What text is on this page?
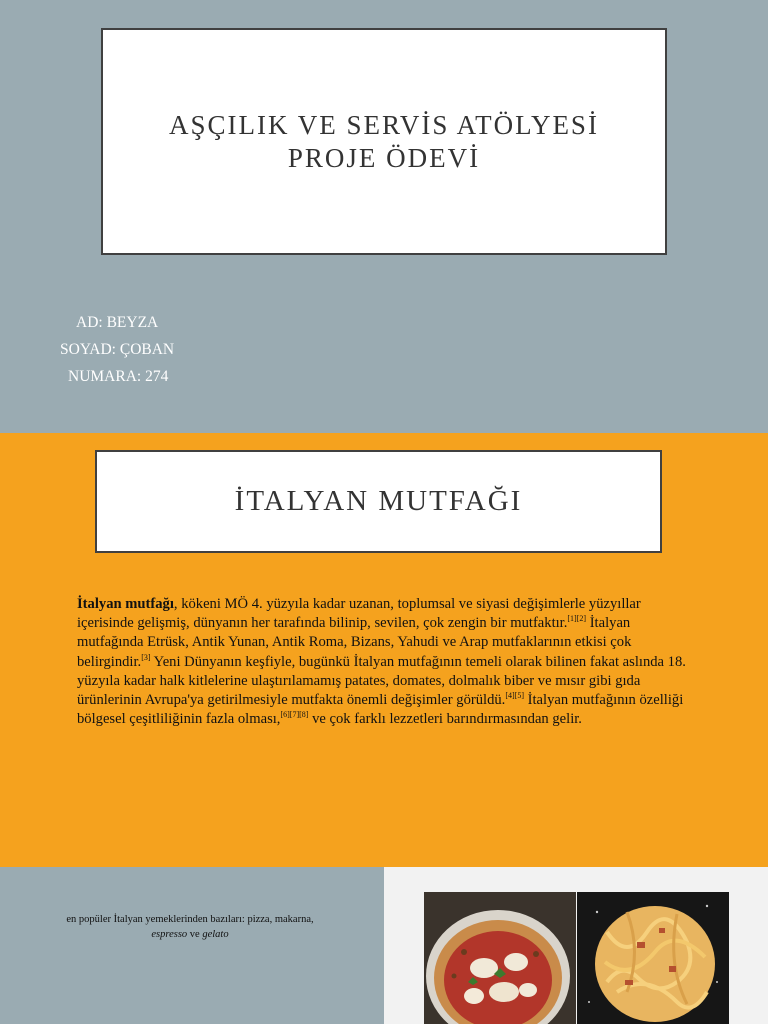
AŞÇILIK VE SERVİS ATÖLYESİ
PROJE ÖDEVİ
AD: BEYZA
SOYAD: ÇOBAN
NUMARA: 274
İTALYAN MUTFAĞI

İtalyan mutfağı, kökeni MÖ 4. yüzyıla kadar uzanan, toplumsal ve siyasi değişimlerle yüzyıllar içerisinde gelişmiş, dünyanın her tarafında bilinip, sevilen, çok zengin bir mutfaktır.[1][2] İtalyan mutfağında Etrüsk, Antik Yunan, Antik Roma, Bizans, Yahudi ve Arap mutfaklarının etkisi çok belirgindir.[3] Yeni Dünyanın keşfiyle, bugünkü İtalyan mutfağının temeli olarak bilinen fakat aslında 18. yüzyıla kadar halk kitlelerine ulaştırılamamış patates, domates, dolmalık biber ve mısır gibi gıda ürünlerinin Avrupa'ya getirilmesiyle mutfakta önemli değişimler görüldü.[4][5] İtalyan mutfağının özelliği bölgesel çeşitliliğinin fazla olması,[6][7][8] ve çok farklı lezzetleri barındırmasından gelir.

en popüler İtalyan yemeklerinden bazıları: pizza, makarna,
espresso ve gelato
